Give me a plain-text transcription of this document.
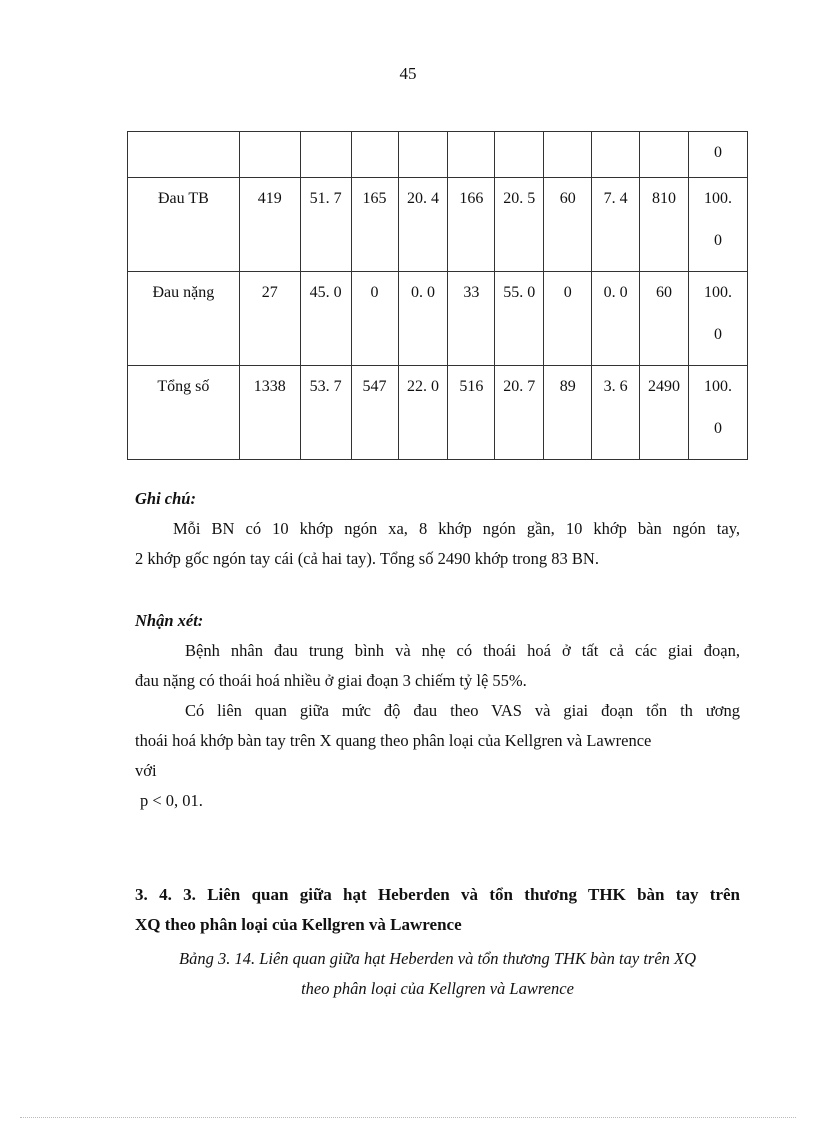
45

										0

Đau TB	419	51. 7	165	20. 4	166	20. 5	60	7. 4	810	100.
0

Đau nặng	27	45. 0	0	0. 0	33	55. 0	0	0. 0	60	100.
0

Tổng số	1338	53. 7	547	22. 0	516	20. 7	89	3. 6	2490	100.
0
Ghi chú:
Mỗi BN có 10 khớp ngón xa, 8 khớp ngón gần, 10 khớp bàn ngón tay,
2 khớp gốc ngón tay cái (cả hai tay). Tổng số 2490 khớp trong 83 BN.
Nhận xét:
Bệnh nhân đau trung bình và nhẹ có thoái hoá ở tất cả các giai đoạn,
đau nặng có thoái hoá nhiều ở giai đoạn 3 chiếm tỷ lệ 55%.
Có liên quan giữa mức độ đau theo VAS và giai đoạn tổn th ương
thoái hoá khớp bàn tay trên X quang theo phân loại của Kellgren và Lawrence
với
p < 0, 01.
3. 4. 3. Liên quan giữa hạt Heberden và tổn thương THK bàn tay trên
XQ theo phân loại của Kellgren và Lawrence
Bảng 3. 14. Liên quan giữa hạt Heberden và tổn thương THK bàn tay trên XQ
theo phân loại của Kellgren và Lawrence
